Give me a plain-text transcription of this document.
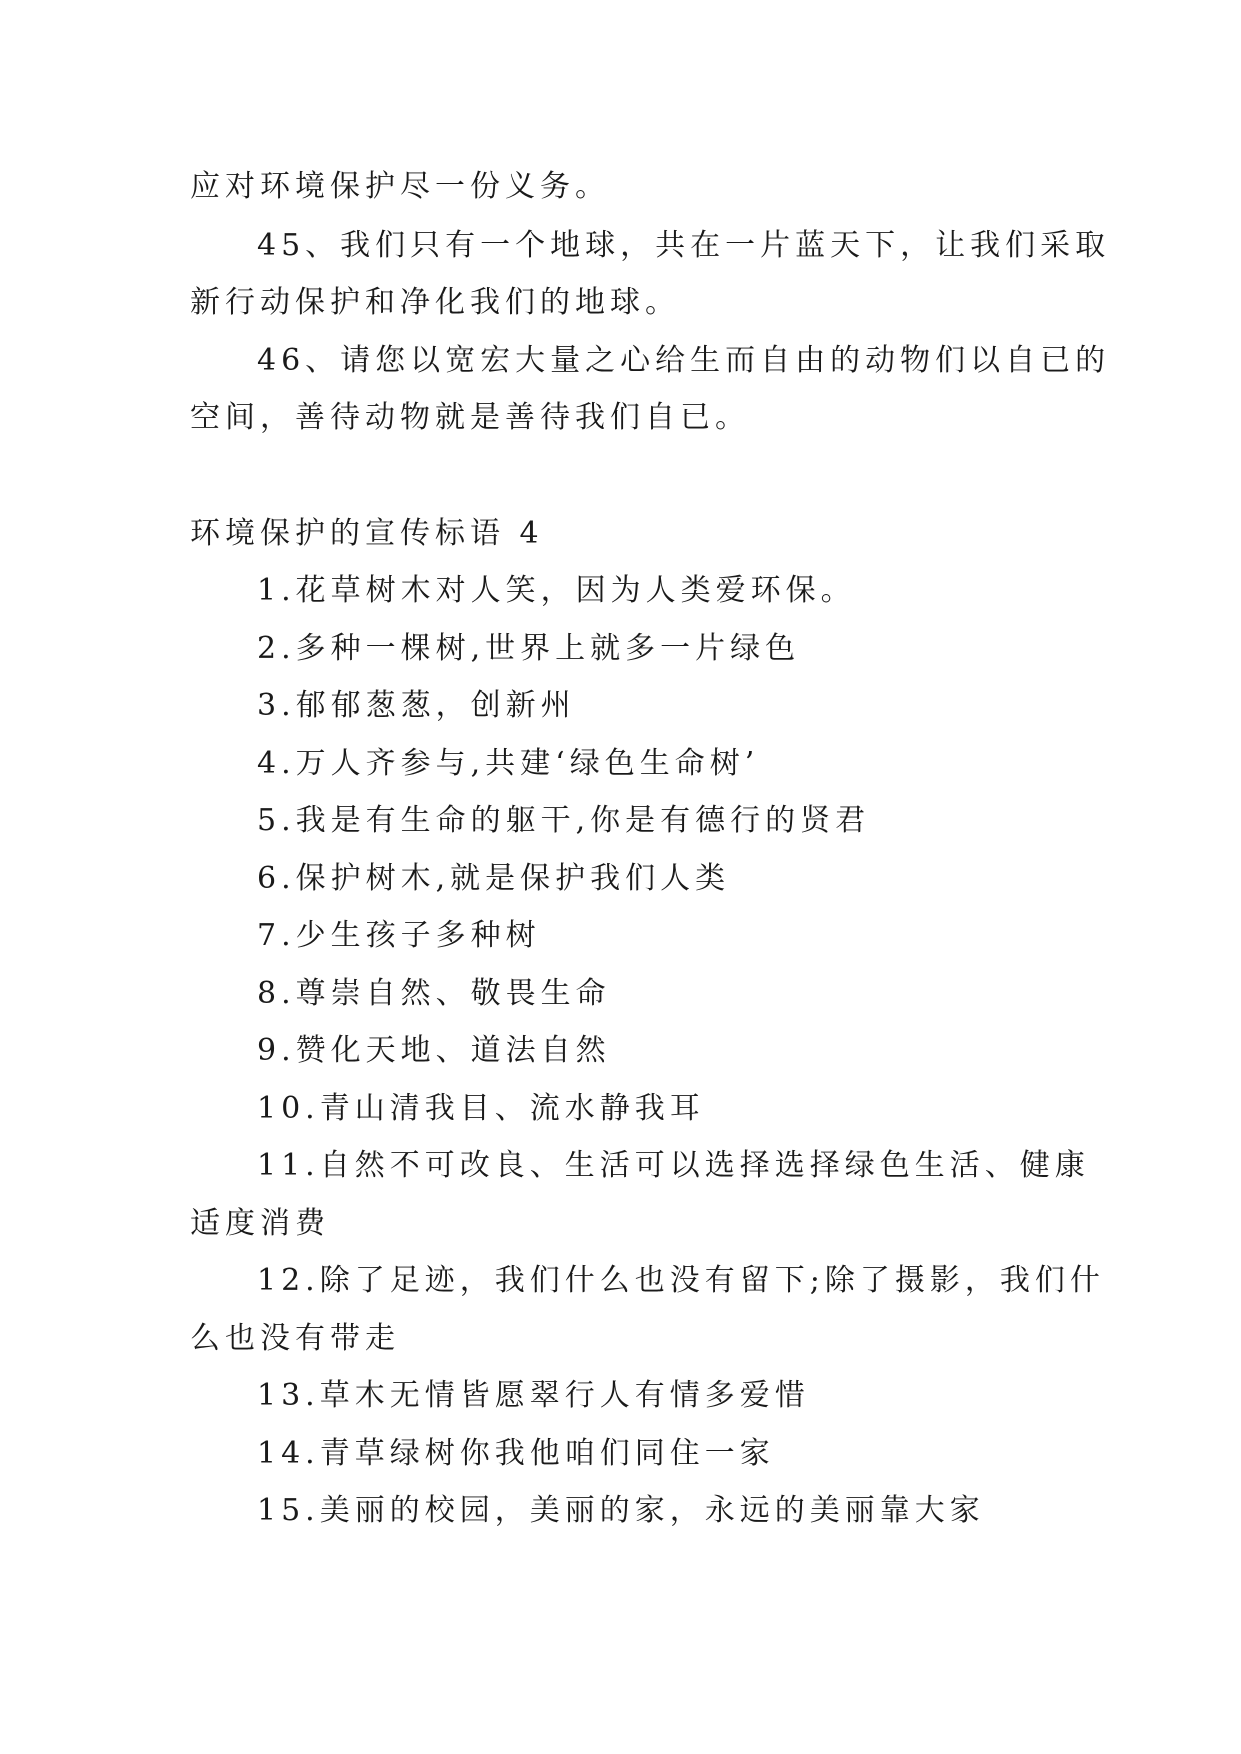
应对环境保护尽一份义务。
45、我们只有一个地球，共在一片蓝天下，让我们采取
新行动保护和净化我们的地球。
46、请您以宽宏大量之心给生而自由的动物们以自已的
空间，善待动物就是善待我们自已。
环境保护的宣传标语 4
1.花草树木对人笑，因为人类爱环保。
2.多种一棵树,世界上就多一片绿色
3.郁郁葱葱，创新州
4.万人齐参与,共建‘绿色生命树’
5.我是有生命的躯干,你是有德行的贤君
6.保护树木,就是保护我们人类
7.少生孩子多种树
8.尊崇自然、敬畏生命
9.赞化天地、道法自然
10.青山清我目、流水静我耳
11.自然不可改良、生活可以选择选择绿色生活、健康
适度消费
12.除了足迹，我们什么也没有留下;除了摄影，我们什
么也没有带走
13.草木无情皆愿翠行人有情多爱惜
14.青草绿树你我他咱们同住一家
15.美丽的校园，美丽的家，永远的美丽靠大家
